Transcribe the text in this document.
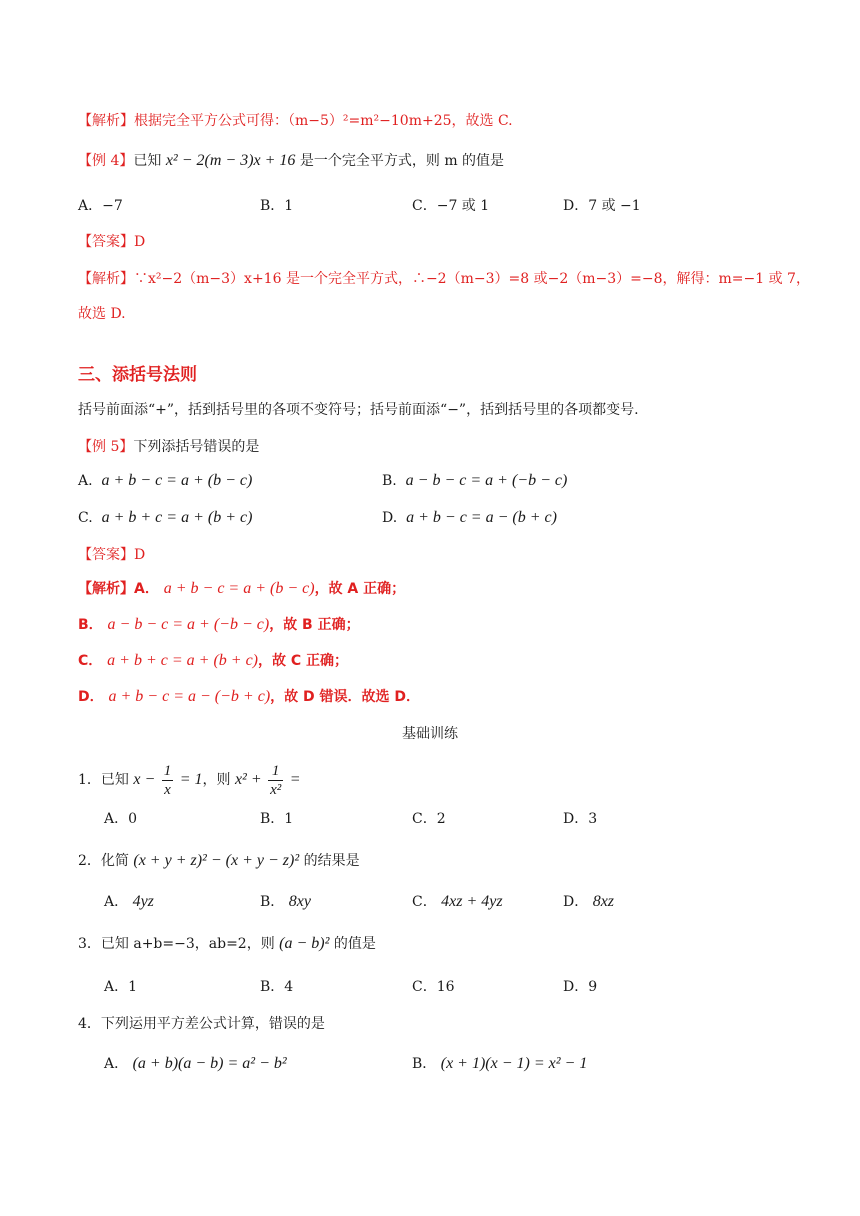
【解析】根据完全平方公式可得：（m−5）²=m²−10m+25，故选 C.
【例 4】已知 x² − 2(m − 3)x + 16 是一个完全平方式，则 m 的值是
A．−7	B．1	C．−7 或 1	D．7 或 −1
【答案】D
【解析】∵x²−2（m−3）x+16 是一个完全平方式，∴−2（m−3）=8 或−2（m−3）=−8，解得：m=−1 或 7，
故选 D.
三、添括号法则
括号前面添“+”，括到括号里的各项不变符号；括号前面添“−”，括到括号里的各项都变号.
【例 5】下列添括号错误的是
A. a + b − c = a + (b − c)	B. a − b − c = a + (−b − c)
C. a + b + c = a + (b + c)	D. a + b − c = a − (b + c)
【答案】D
【解析】A． a + b − c = a + (b − c)，故 A 正确；
B． a − b − c = a + (−b − c)，故 B 正确；
C． a + b + c = a + (b + c)，故 C 正确；
D． a + b − c = a − (−b + c)，故 D 错误．故选 D．
基础训练
1．已知 $x - \frac{1}{x} = 1$，则 $x^2 + \frac{1}{\text{x²}}$ =
A．0	B．1	C．2	D．3
2．化简 (x + y + z)² − (x + y − z)² 的结果是
A． 4yz	B． 8xy	C． 4xz + 4yz	D． 8xz
3．已知 a+b=−3，ab=2，则 (a − b)² 的值是
A．1	B．4	C．16	D．9
4．下列运用平方差公式计算，错误的是
A． (a + b)(a − b) = a² − b²	B． (x + 1)(x − 1) = x² − 1
